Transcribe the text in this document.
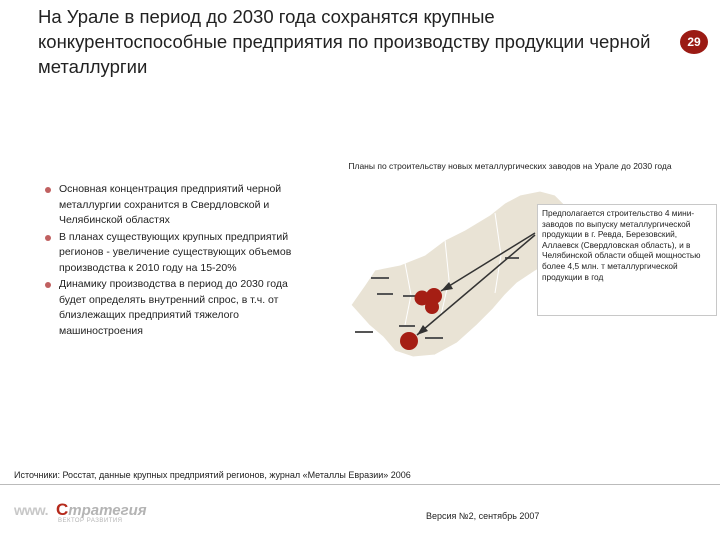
На Урале в период до 2030 года сохранятся крупные конкурентоспособные предприятия по производству продукции черной металлургии
29
Планы по строительству новых металлургических заводов на Урале до 2030 года
Основная концентрация предприятий черной металлургии сохранится в Свердловской и Челябинской областях
В планах существующих крупных предприятий регионов - увеличение существующих объемов производства к 2010 году на 15-20%
Динамику производства в период до 2030 года будет определять внутренний спрос, в т.ч. от близлежащих предприятий тяжелого машиностроения
Предполагается строительство 4 мини-заводов по выпуску металлургической продукции в г. Ревда, Березовский, Аллаевск (Свердловская область), и в Челябинской области общей мощностью более 4,5 млн. т металлургической продукции в год
Источники: Росстат, данные крупных предприятий регионов, журнал «Металлы Евразии» 2006
www. Стратегия
ВЕКТОР РАЗВИТИЯ	Версия №2, сентябрь 2007
